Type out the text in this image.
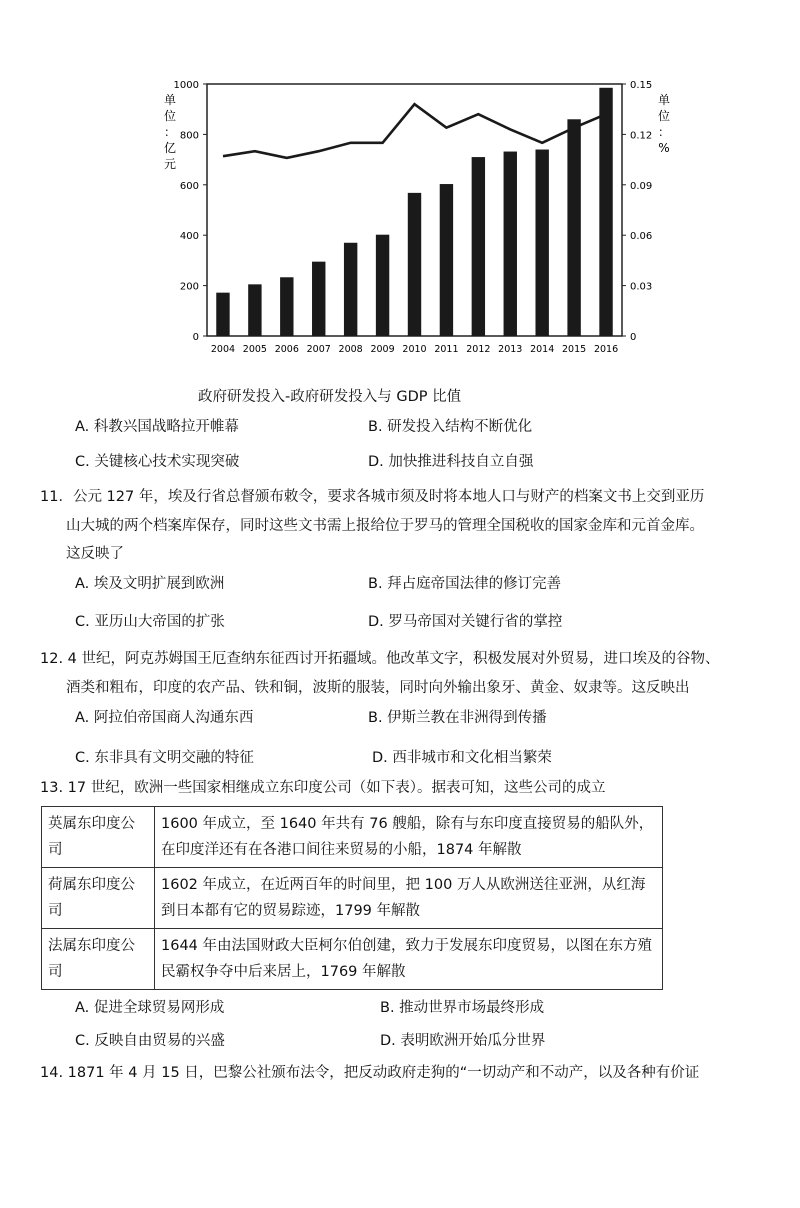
0
200
400
600
800
1000
0
0.03
0.06
0.09
0.12
0.15
单
位
：
亿
元
单
位
：
%
2004 2005 2006 2007 2008 2009 2010 2011 2012 2013 2014 2015 2016
政府研发投入-政府研发投入与 GDP 比值
A. 科教兴国战略拉开帷幕	B. 研发投入结构不断优化
C. 关键核心技术实现突破	D. 加快推进科技自立自强
11．公元 127 年，埃及行省总督颁布敕令，要求各城市须及时将本地人口与财产的档案文书上交到亚历
山大城的两个档案库保存，同时这些文书需上报给位于罗马的管理全国税收的国家金库和元首金库。
这反映了
A. 埃及文明扩展到欧洲	B. 拜占庭帝国法律的修订完善
C. 亚历山大帝国的扩张	D. 罗马帝国对关键行省的掌控
12. 4 世纪，阿克苏姆国王厄查纳东征西讨开拓疆域。他改革文字，积极发展对外贸易，进口埃及的谷物、
酒类和粗布，印度的农产品、铁和铜，波斯的服装，同时向外输出象牙、黄金、奴隶等。这反映出
A. 阿拉伯帝国商人沟通东西	B. 伊斯兰教在非洲得到传播
C. 东非具有文明交融的特征	D. 西非城市和文化相当繁荣
13. 17 世纪，欧洲一些国家相继成立东印度公司（如下表）。据表可知，这些公司的成立
英属东印度公司	1600 年成立，至 1640 年共有 76 艘船，除有与东印度直接贸易的船队外，在印度洋还有在各港口间往来贸易的小船，1874 年解散
荷属东印度公司	1602 年成立，在近两百年的时间里，把 100 万人从欧洲送往亚洲，从红海到日本都有它的贸易踪迹，1799 年解散
法属东印度公司	1644 年由法国财政大臣柯尔伯创建，致力于发展东印度贸易，以图在东方殖民霸权争夺中后来居上，1769 年解散
A. 促进全球贸易网形成	B. 推动世界市场最终形成
C. 反映自由贸易的兴盛	D. 表明欧洲开始瓜分世界
14. 1871 年 4 月 15 日，巴黎公社颁布法令，把反动政府走狗的“一切动产和不动产，以及各种有价证
